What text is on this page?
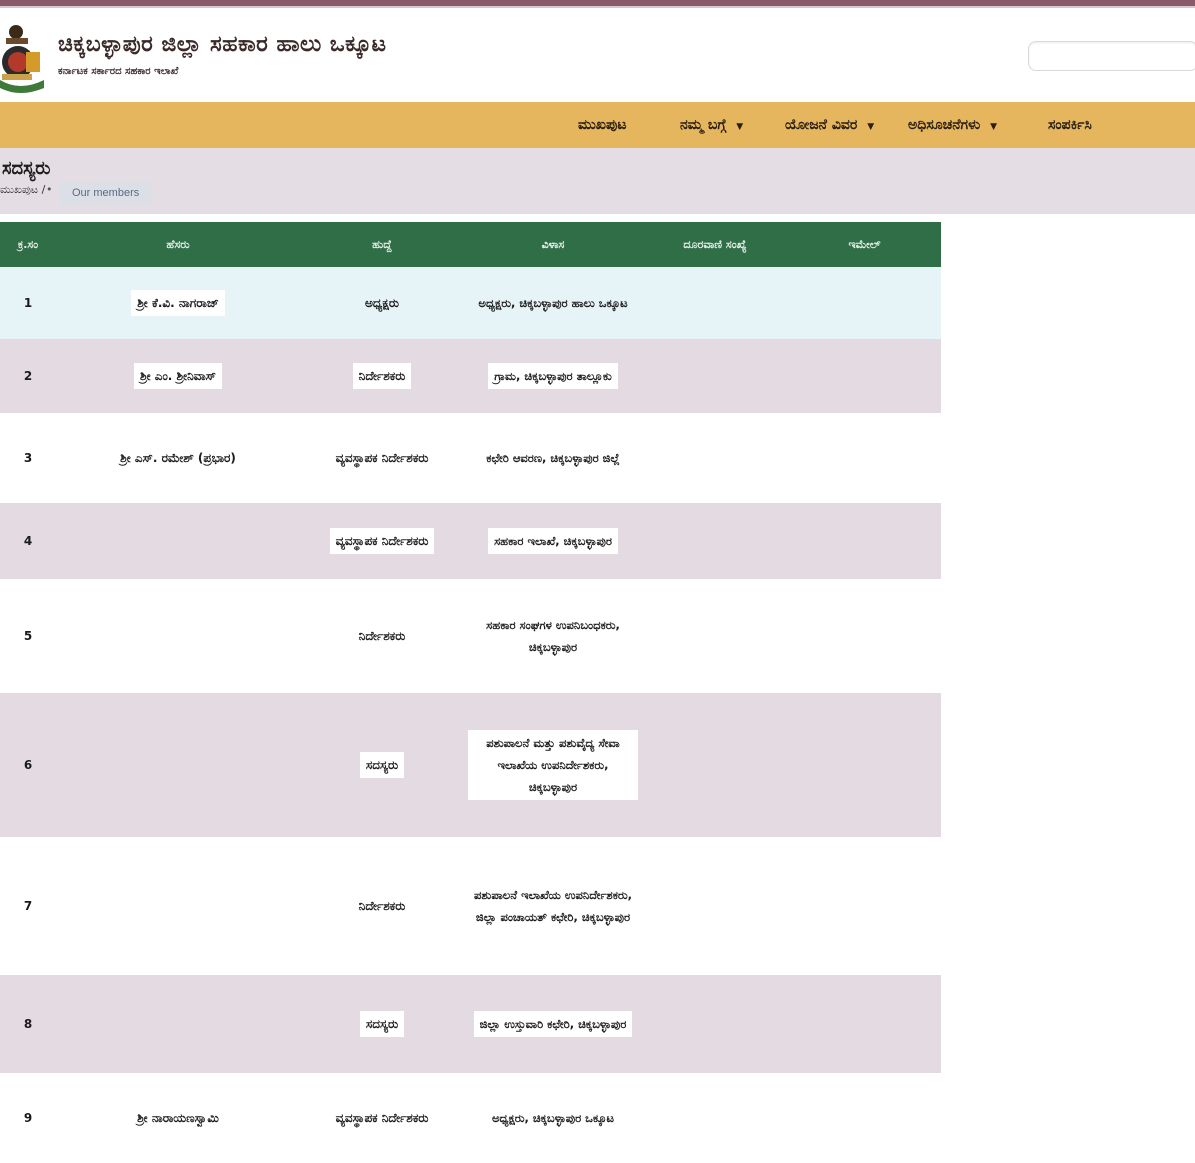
ಚಿಕ್ಕಬಳ್ಳಾಪುರ ಜಿಲ್ಲಾ ಸಹಕಾರ ಹಾಲು ಒಕ್ಕೂಟ
ಕರ್ನಾಟಕ ಸರ್ಕಾರದ ಸಹಕಾರ ಇಲಾಖೆ
ಮುಖಪುಟ	ನಮ್ಮ ಬಗ್ಗೆ ▼	ಯೋಜನೆ ವಿವರ ▼ ಅಧಿಸೂಚನೆಗಳು ▼	ಸಂಪರ್ಕಿಸಿ
ಸದಸ್ಯರು
ಮುಖಪುಟ / •	Our members
ಕ್ರ.ಸಂ	ಹೆಸರು	ಹುದ್ದೆ	ವಿಳಾಸ	ದೂರವಾಣಿ ಸಂಖ್ಯೆ	ಇಮೇಲ್
1	ಶ್ರೀ ಕೆ.ವಿ. ನಾಗರಾಜ್	ಅಧ್ಯಕ್ಷರು	ಅಧ್ಯಕ್ಷರು, ಚಿಕ್ಕಬಳ್ಳಾಪುರ ಹಾಲು ಒಕ್ಕೂಟ		
2	ಶ್ರೀ ಎಂ. ಶ್ರೀನಿವಾಸ್	ನಿರ್ದೇಶಕರು	ಗ್ರಾಮ, ಚಿಕ್ಕಬಳ್ಳಾಪುರ ತಾಲ್ಲೂಕು		
3	ಶ್ರೀ ಎಸ್. ರಮೇಶ್ (ಪ್ರಭಾರ)	ವ್ಯವಸ್ಥಾಪಕ ನಿರ್ದೇಶಕರು	ಕಛೇರಿ ಆವರಣ, ಚಿಕ್ಕಬಳ್ಳಾಪುರ ಜಿಲ್ಲೆ		
4		ವ್ಯವಸ್ಥಾಪಕ ನಿರ್ದೇಶಕರು	ಸಹಕಾರ ಇಲಾಖೆ, ಚಿಕ್ಕಬಳ್ಳಾಪುರ		
5		ನಿರ್ದೇಶಕರು	ಸಹಕಾರ ಸಂಘಗಳ ಉಪನಿಬಂಧಕರು, ಚಿಕ್ಕಬಳ್ಳಾಪುರ		
6		ಸದಸ್ಯರು	ಪಶುಪಾಲನೆ ಮತ್ತು ಪಶುವೈದ್ಯ ಸೇವಾ ಇಲಾಖೆಯ ಉಪನಿರ್ದೇಶಕರು, ಚಿಕ್ಕಬಳ್ಳಾಪುರ		
7		ನಿರ್ದೇಶಕರು	ಪಶುಪಾಲನೆ ಇಲಾಖೆಯ ಉಪನಿರ್ದೇಶಕರು, ಜಿಲ್ಲಾ ಪಂಚಾಯತ್ ಕಛೇರಿ, ಚಿಕ್ಕಬಳ್ಳಾಪುರ		
8		ಸದಸ್ಯರು	ಜಿಲ್ಲಾ ಉಸ್ತುವಾರಿ ಕಛೇರಿ, ಚಿಕ್ಕಬಳ್ಳಾಪುರ		
9	ಶ್ರೀ ನಾರಾಯಣಸ್ವಾಮಿ	ವ್ಯವಸ್ಥಾಪಕ ನಿರ್ದೇಶಕರು	ಅಧ್ಯಕ್ಷರು, ಚಿಕ್ಕಬಳ್ಳಾಪುರ ಒಕ್ಕೂಟ		
